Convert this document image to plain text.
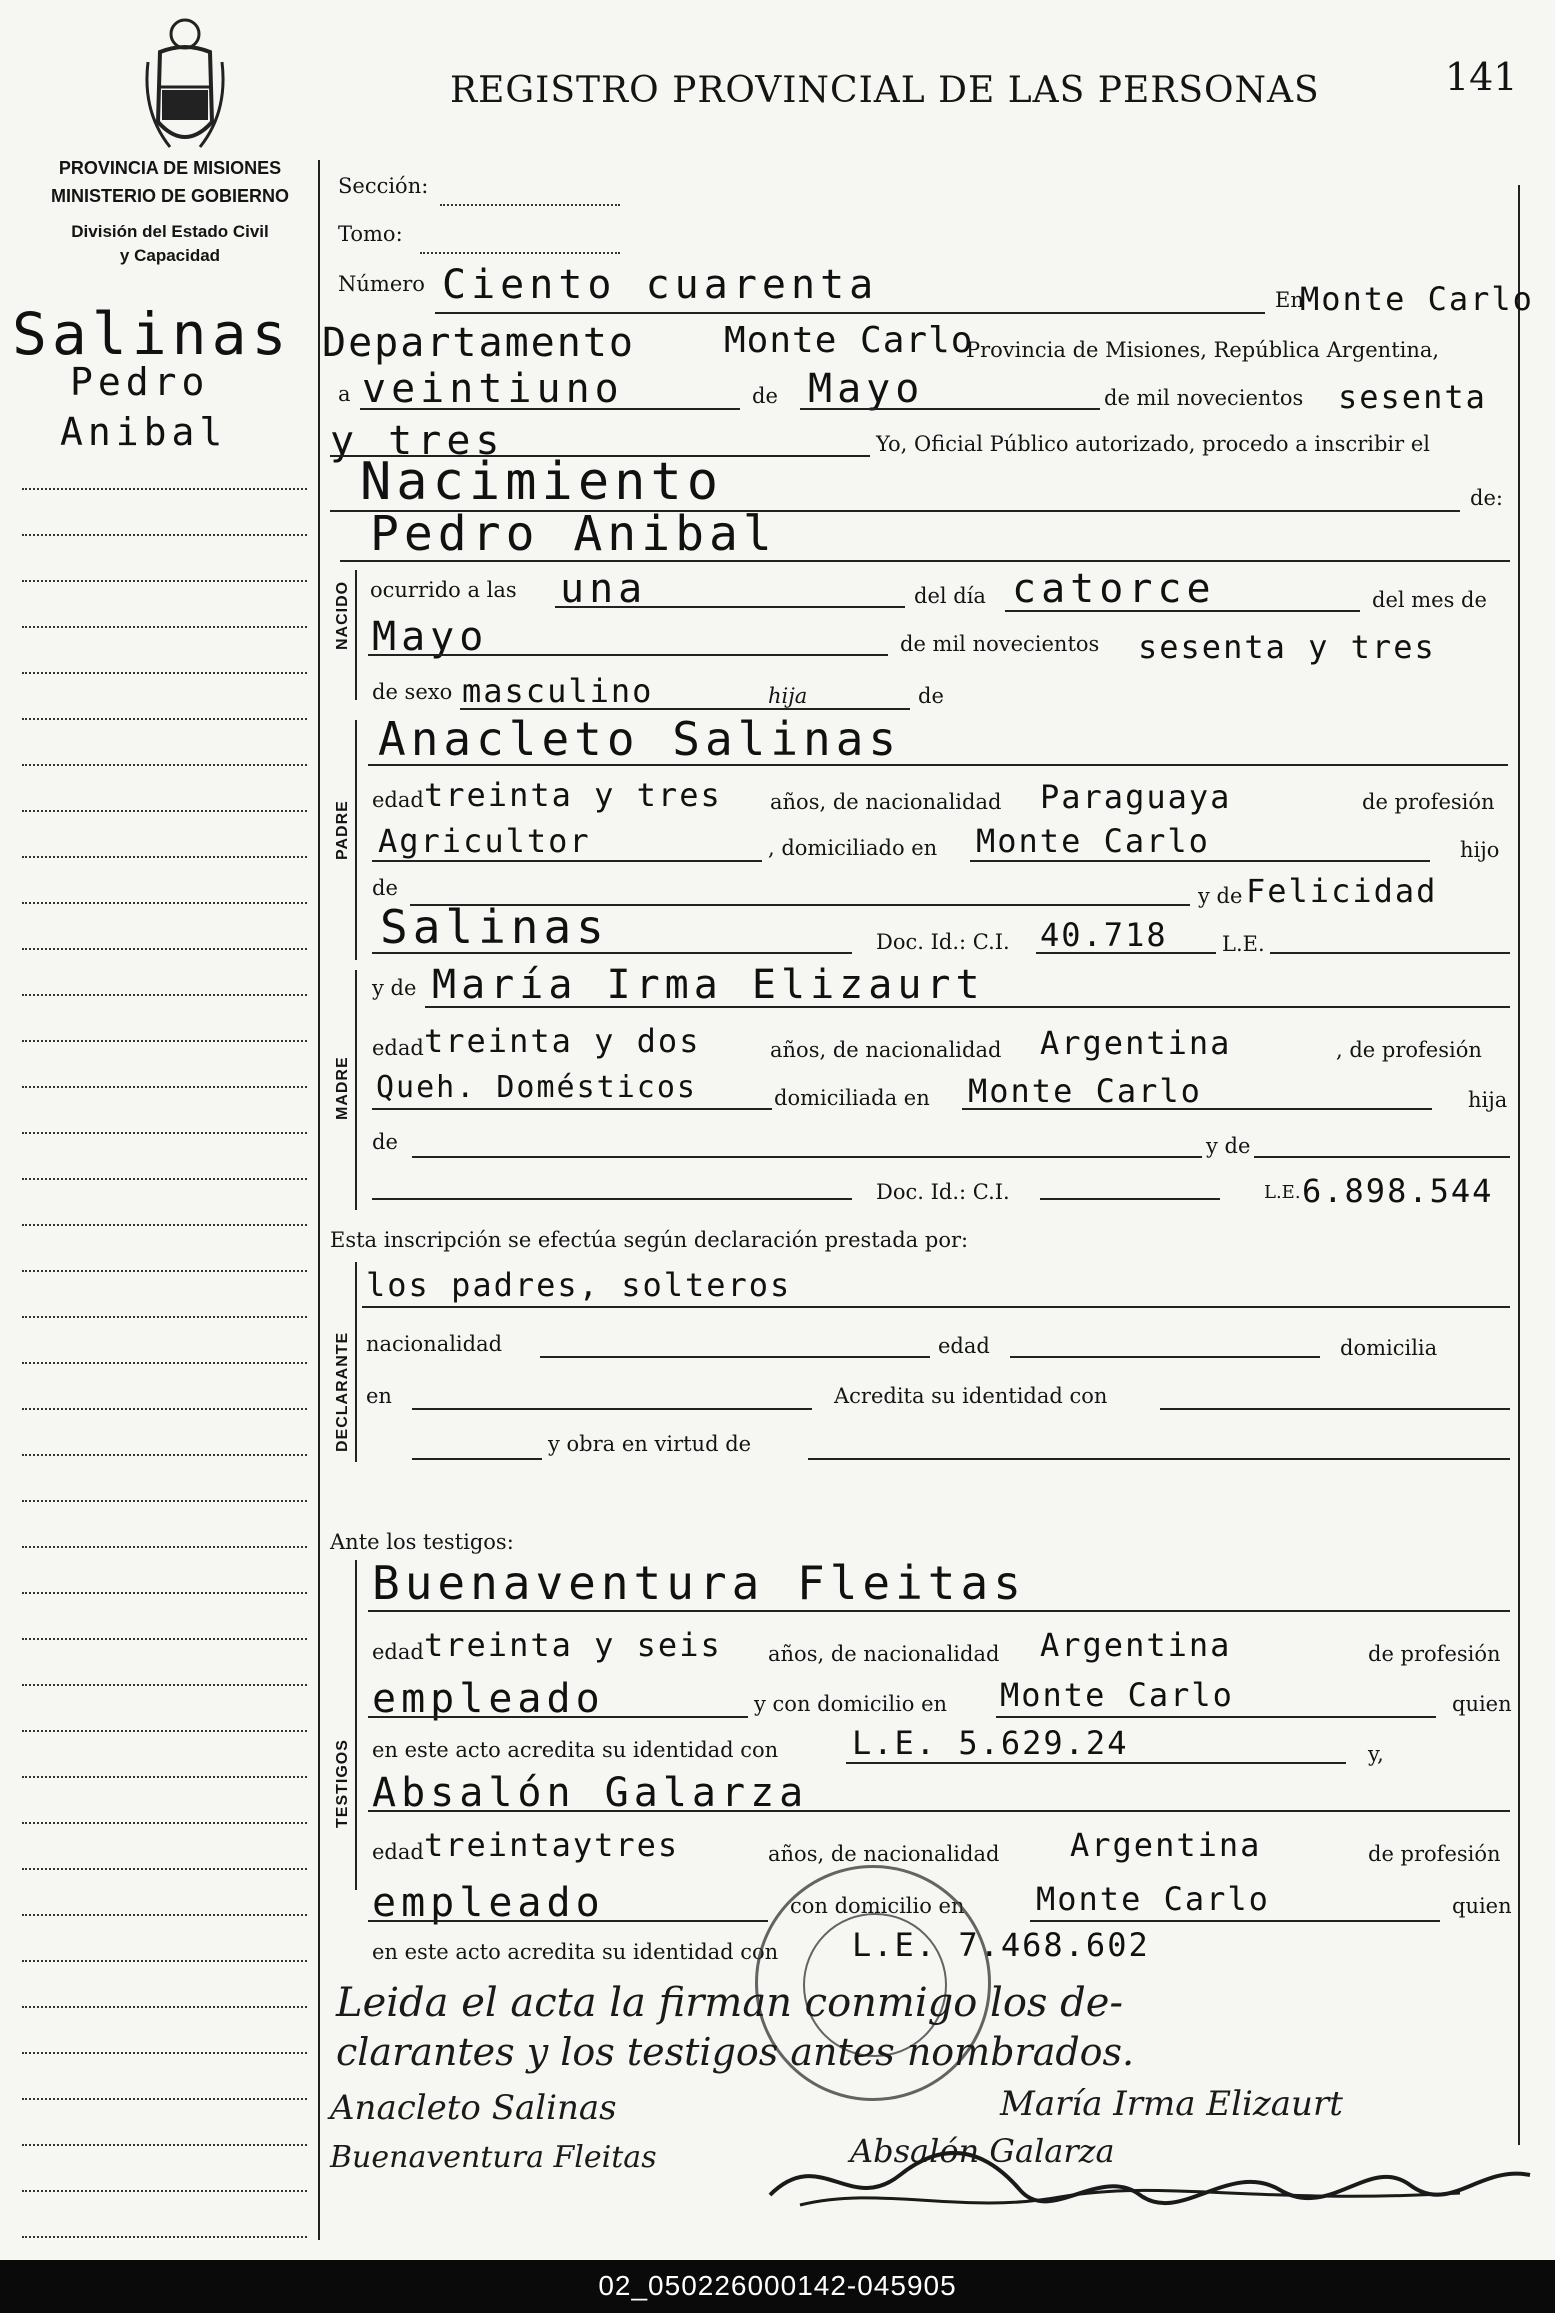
REGISTRO PROVINCIAL DE LAS PERSONAS	141
PROVINCIA DE MISIONES
MINISTERIO DE GOBIERNO
División del Estado Civil
y Capacidad
Salinas
Pedro
Anibal
Sección:
Tomo:
Número Ciento cuarenta	En
Monte Carlo
Departamento Monte Carlo
Provincia de Misiones, República Argentina,
a veintiuno	de Mayo	de mil novecientos sesenta
y tres	Yo, Oficial Público autorizado, procedo a inscribir el
Nacimiento	de:
Pedro Anibal
NACIDO ocurrido a las una	del día catorce	del mes de
Mayo	de mil novecientos sesenta y tres
de sexo masculino	hija	de
PADRE
Anacleto Salinas
edad treinta y tres años, de nacionalidad Paraguaya	de profesión
Agricultor	, domiciliado en Monte Carlo	hijo
de	y de Felicidad
Salinas	Doc. Id.: C.I. 40.718	L.E.
MADRE
y de María Irma Elizaurt
edad treinta y dos	años, de nacionalidad Argentina	, de profesión
Queh. Domésticos	domiciliada en Monte Carlo	hija
de	y de
Doc. Id.: C.I.	L.E. 6.898.544
Esta inscripción se efectúa según declaración prestada por:
DECLARANTE
los padres, solteros
nacionalidad	edad	domicilia
en	Acredita su identidad con
y obra en virtud de
Ante los testigos:
TESTIGOS
Buenaventura Fleitas
edad treinta y seis años, de nacionalidad Argentina	de profesión
empleado	y con domicilio en Monte Carlo	quien
en este acto acredita su identidad con L.E. 5.629.24	y,
Absalón Galarza
edad treintaytres	años, de nacionalidad Argentina	de profesión
empleado	con domicilio en Monte Carlo	quien
en este acto acredita su identidad con L.E. 7.468.602
Leida el acta la firman conmigo los de-
clarantes y los testigos antes nombrados.
Anacleto Salinas	María Irma Elizaurt
Buenaventura Fleitas	Absalón Galarza
02_050226000142-045905
